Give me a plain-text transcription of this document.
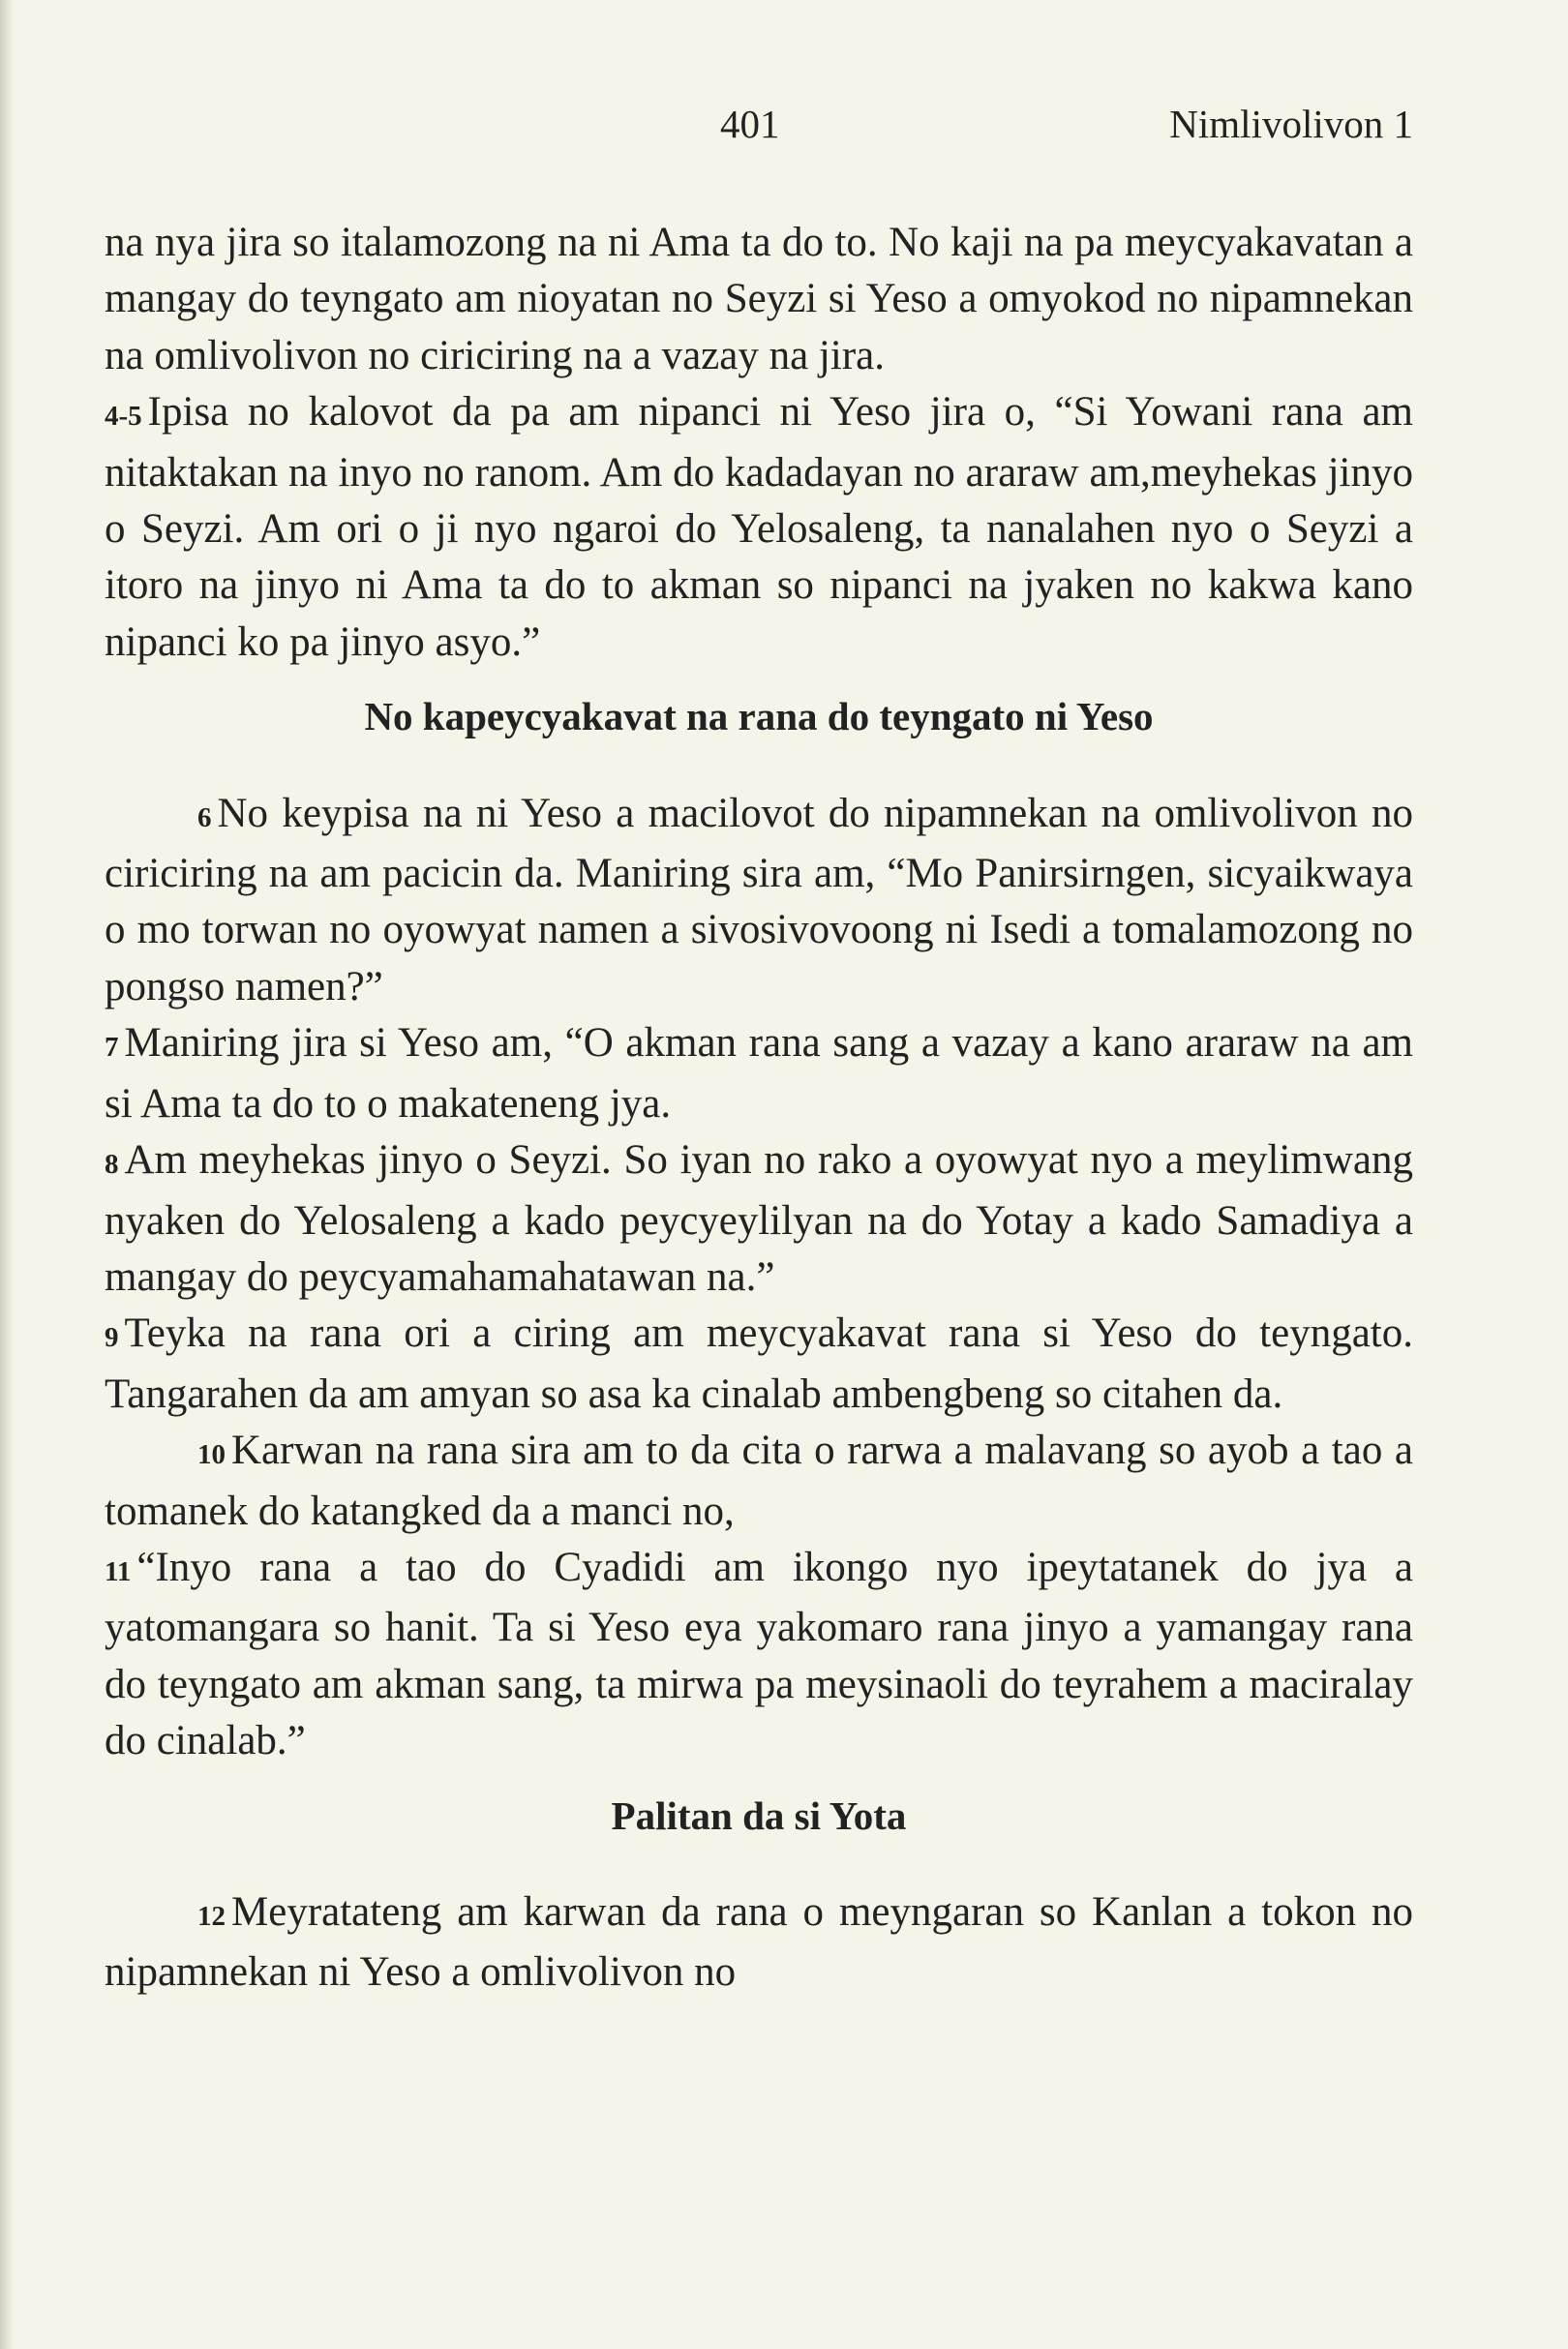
401	Nimlivolivon 1

na nya jira so italamozong na ni Ama ta do to. No kaji na pa meycyakavatan a mangay do teyngato am nioyatan no Seyzi si Yeso a omyokod no nipamnekan na omlivolivon no ciriciring na a vazay na jira.

4-5 Ipisa no kalovot da pa am nipanci ni Yeso jira o, “Si Yowani rana am nitaktakan na inyo no ranom. Am do kadadayan no araraw am,meyhekas jinyo o Seyzi. Am ori o ji nyo ngaroi do Yelosaleng, ta nanalahen nyo o Seyzi a itoro na jinyo ni Ama ta do to akman so nipanci na jyaken no kakwa kano nipanci ko pa jinyo asyo.”

No kapeycyakavat na rana do teyngato ni Yeso

6 No keypisa na ni Yeso a macilovot do nipamnekan na omlivolivon no ciriciring na am pacicin da. Maniring sira am, “Mo Panirsirngen, sicyaikwaya o mo torwan no oyowyat namen a sivosivovoong ni Isedi a tomalamozong no pongso namen?”

7 Maniring jira si Yeso am, “O akman rana sang a vazay a kano araraw na am si Ama ta do to o makateneng jya.

8 Am meyhekas jinyo o Seyzi. So iyan no rako a oyowyat nyo a meylimwang nyaken do Yelosaleng a kado peycyeylilyan na do Yotay a kado Samadiya a mangay do peycyamahamahatawan na.”

9 Teyka na rana ori a ciring am meycyakavat rana si Yeso do teyngato. Tangarahen da am amyan so asa ka cinalab ambengbeng so citahen da.

10 Karwan na rana sira am to da cita o rarwa a malavang so ayob a tao a tomanek do katangked da a manci no,

11 “Inyo rana a tao do Cyadidi am ikongo nyo ipeytatanek do jya a yatomangara so hanit. Ta si Yeso eya yakomaro rana jinyo a yamangay rana do teyngato am akman sang, ta mirwa pa meysinaoli do teyrahem a maciralay do cinalab.”

Palitan da si Yota

12 Meyratateng am karwan da rana o meyngaran so Kanlan a tokon no nipamnekan ni Yeso a omlivolivon no
